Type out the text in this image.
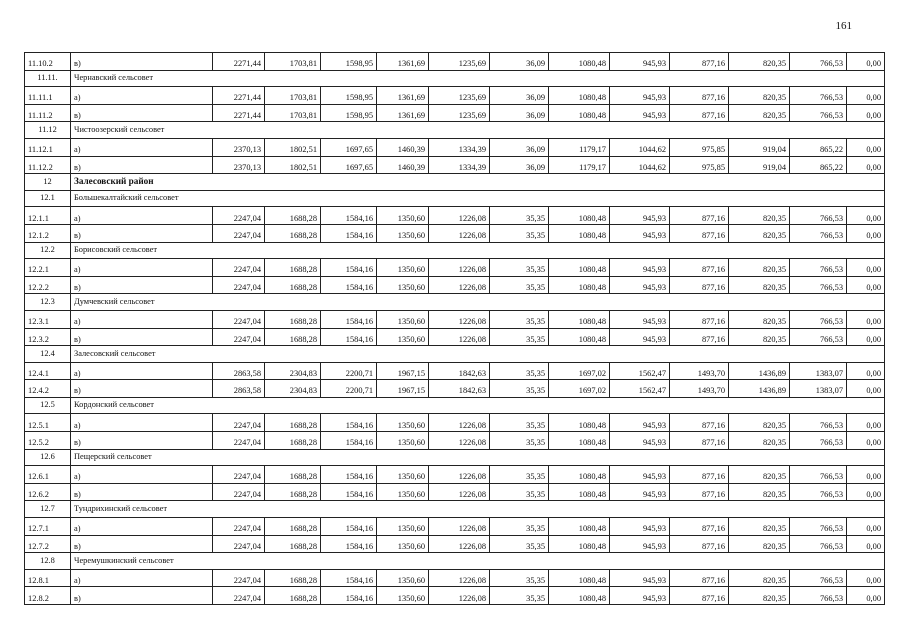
161
11.10.2	в)	2271,44	1703,81	1598,95	1361,69	1235,69	36,09	1080,48	945,93	877,16	820,35	766,53	0,00
11.11.	Чернавский сельсовет												
11.11.1	а)	2271,44	1703,81	1598,95	1361,69	1235,69	36,09	1080,48	945,93	877,16	820,35	766,53	0,00
11.11.2	в)	2271,44	1703,81	1598,95	1361,69	1235,69	36,09	1080,48	945,93	877,16	820,35	766,53	0,00
11.12	Чистоозерский сельсовет												
11.12.1	а)	2370,13	1802,51	1697,65	1460,39	1334,39	36,09	1179,17	1044,62	975,85	919,04	865,22	0,00
11.12.2	в)	2370,13	1802,51	1697,65	1460,39	1334,39	36,09	1179,17	1044,62	975,85	919,04	865,22	0,00
12	Залесовский район												
12.1	Большекалтайский сельсовет												
12.1.1	а)	2247,04	1688,28	1584,16	1350,60	1226,08	35,35	1080,48	945,93	877,16	820,35	766,53	0,00
12.1.2	в)	2247,04	1688,28	1584,16	1350,60	1226,08	35,35	1080,48	945,93	877,16	820,35	766,53	0,00
12.2	Борисовский сельсовет												
12.2.1	а)	2247,04	1688,28	1584,16	1350,60	1226,08	35,35	1080,48	945,93	877,16	820,35	766,53	0,00
12.2.2	в)	2247,04	1688,28	1584,16	1350,60	1226,08	35,35	1080,48	945,93	877,16	820,35	766,53	0,00
12.3	Думчевский сельсовет												
12.3.1	а)	2247,04	1688,28	1584,16	1350,60	1226,08	35,35	1080,48	945,93	877,16	820,35	766,53	0,00
12.3.2	в)	2247,04	1688,28	1584,16	1350,60	1226,08	35,35	1080,48	945,93	877,16	820,35	766,53	0,00
12.4	Залесовский сельсовет												
12.4.1	а)	2863,58	2304,83	2200,71	1967,15	1842,63	35,35	1697,02	1562,47	1493,70	1436,89	1383,07	0,00
12.4.2	в)	2863,58	2304,83	2200,71	1967,15	1842,63	35,35	1697,02	1562,47	1493,70	1436,89	1383,07	0,00
12.5	Кордонский сельсовет												
12.5.1	а)	2247,04	1688,28	1584,16	1350,60	1226,08	35,35	1080,48	945,93	877,16	820,35	766,53	0,00
12.5.2	в)	2247,04	1688,28	1584,16	1350,60	1226,08	35,35	1080,48	945,93	877,16	820,35	766,53	0,00
12.6	Пещерский сельсовет												
12.6.1	а)	2247,04	1688,28	1584,16	1350,60	1226,08	35,35	1080,48	945,93	877,16	820,35	766,53	0,00
12.6.2	в)	2247,04	1688,28	1584,16	1350,60	1226,08	35,35	1080,48	945,93	877,16	820,35	766,53	0,00
12.7	Тундрихинский сельсовет												
12.7.1	а)	2247,04	1688,28	1584,16	1350,60	1226,08	35,35	1080,48	945,93	877,16	820,35	766,53	0,00
12.7.2	в)	2247,04	1688,28	1584,16	1350,60	1226,08	35,35	1080,48	945,93	877,16	820,35	766,53	0,00
12.8	Черемушкинский сельсовет												
12.8.1	а)	2247,04	1688,28	1584,16	1350,60	1226,08	35,35	1080,48	945,93	877,16	820,35	766,53	0,00
12.8.2	в)	2247,04	1688,28	1584,16	1350,60	1226,08	35,35	1080,48	945,93	877,16	820,35	766,53	0,00
